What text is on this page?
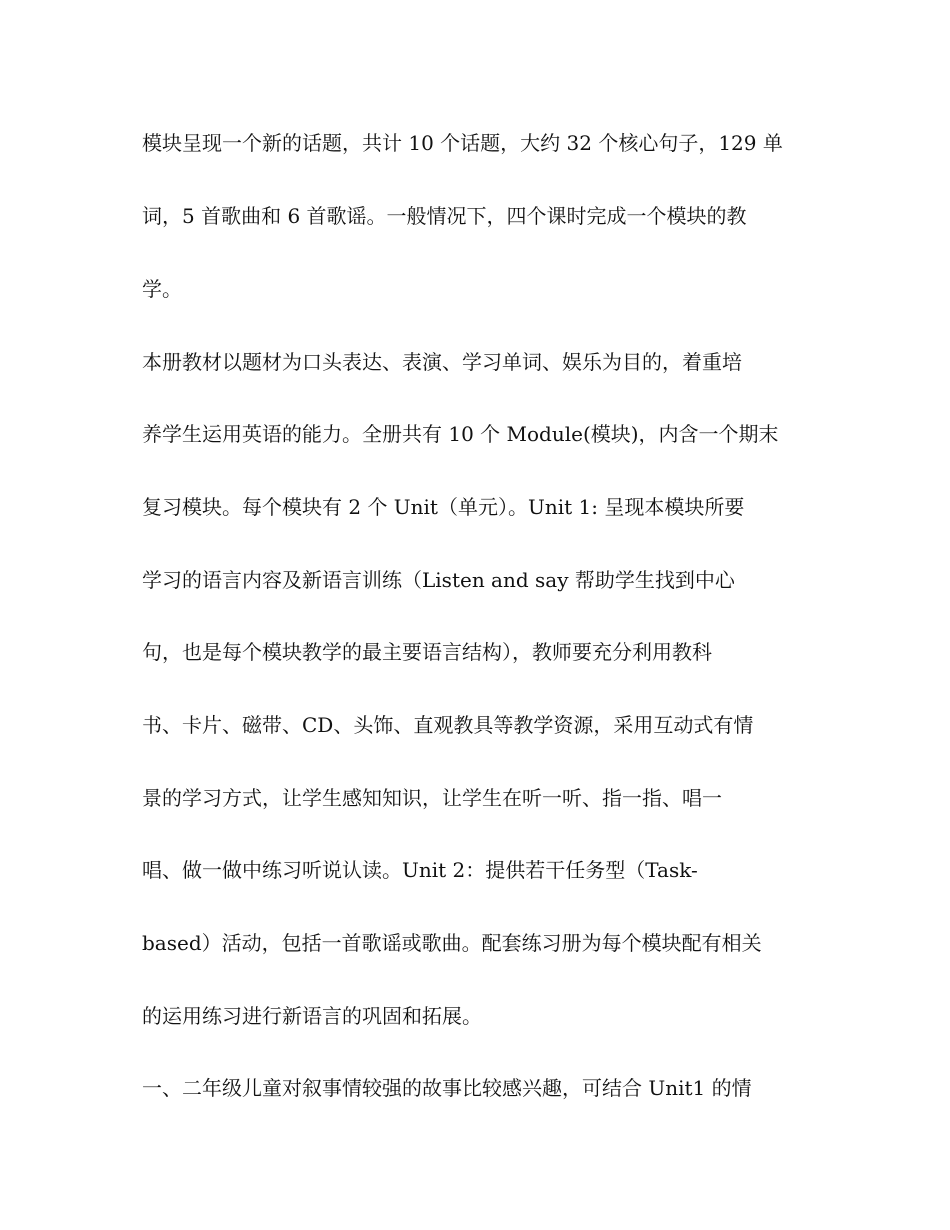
模块呈现一个新的话题，共计 10 个话题，大约 32 个核心句子，129 单
词，5 首歌曲和 6 首歌谣。一般情况下，四个课时完成一个模块的教
学。
本册教材以题材为口头表达、表演、学习单词、娱乐为目的，着重培
养学生运用英语的能力。全册共有 10 个 Module(模块)，内含一个期末
复习模块。每个模块有 2 个 Unit（单元）。Unit 1: 呈现本模块所要
学习的语言内容及新语言训练（Listen and say 帮助学生找到中心
句，也是每个模块教学的最主要语言结构），教师要充分利用教科
书、卡片、磁带、CD、头饰、直观教具等教学资源，采用互动式有情
景的学习方式，让学生感知知识，让学生在听一听、指一指、唱一
唱、做一做中练习听说认读。Unit 2：提供若干任务型（Task-
based）活动，包括一首歌谣或歌曲。配套练习册为每个模块配有相关
的运用练习进行新语言的巩固和拓展。
一、二年级儿童对叙事情较强的故事比较感兴趣，可结合 Unit1 的情
